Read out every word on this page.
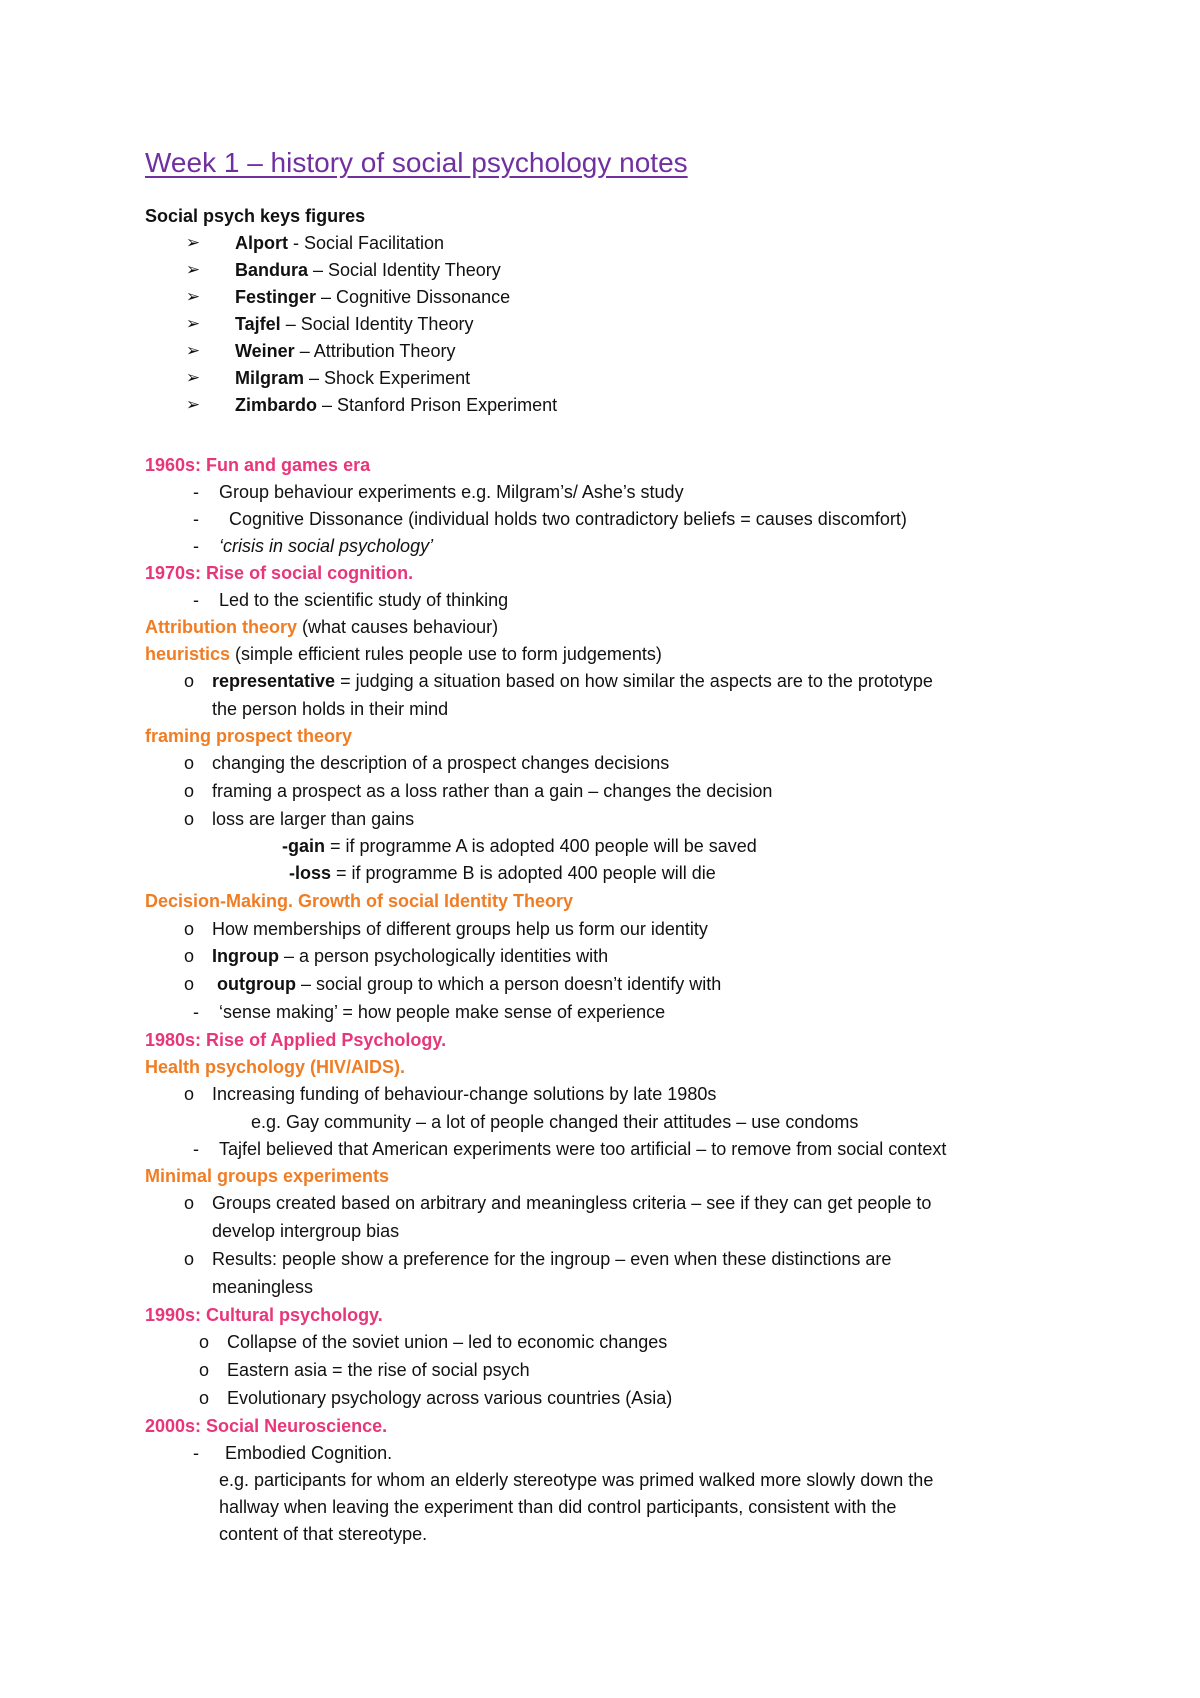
Week 1 – history of social psychology notes
Social psych keys figures
➢ Alport - Social Facilitation
➢ Bandura – Social Identity Theory
➢ Festinger – Cognitive Dissonance
➢ Tajfel – Social Identity Theory
➢ Weiner – Attribution Theory
➢ Milgram – Shock Experiment
➢ Zimbardo – Stanford Prison Experiment
1960s: Fun and games era
- Group behaviour experiments e.g. Milgram’s/ Ashe’s study
- Cognitive Dissonance (individual holds two contradictory beliefs = causes discomfort)
- ‘crisis in social psychology’
1970s: Rise of social cognition.
- Led to the scientific study of thinking
Attribution theory (what causes behaviour)
heuristics (simple efficient rules people use to form judgements)
o representative = judging a situation based on how similar the aspects are to the prototype
the person holds in their mind
framing prospect theory
o changing the description of a prospect changes decisions
o framing a prospect as a loss rather than a gain – changes the decision
o loss are larger than gains
-gain = if programme A is adopted 400 people will be saved
-loss = if programme B is adopted 400 people will die
Decision-Making. Growth of social Identity Theory
o How memberships of different groups help us form our identity
o Ingroup – a person psychologically identities with
o outgroup – social group to which a person doesn’t identify with
- ‘sense making’ = how people make sense of experience
1980s: Rise of Applied Psychology.
Health psychology (HIV/AIDS).
o Increasing funding of behaviour-change solutions by late 1980s
e.g. Gay community – a lot of people changed their attitudes – use condoms
- Tajfel believed that American experiments were too artificial – to remove from social context
Minimal groups experiments
o Groups created based on arbitrary and meaningless criteria – see if they can get people to
develop intergroup bias
o Results: people show a preference for the ingroup – even when these distinctions are
meaningless
1990s: Cultural psychology.
o Collapse of the soviet union – led to economic changes
o Eastern asia = the rise of social psych
o Evolutionary psychology across various countries (Asia)
2000s: Social Neuroscience.
- Embodied Cognition.
e.g. participants for whom an elderly stereotype was primed walked more slowly down the
hallway when leaving the experiment than did control participants, consistent with the
content of that stereotype.
